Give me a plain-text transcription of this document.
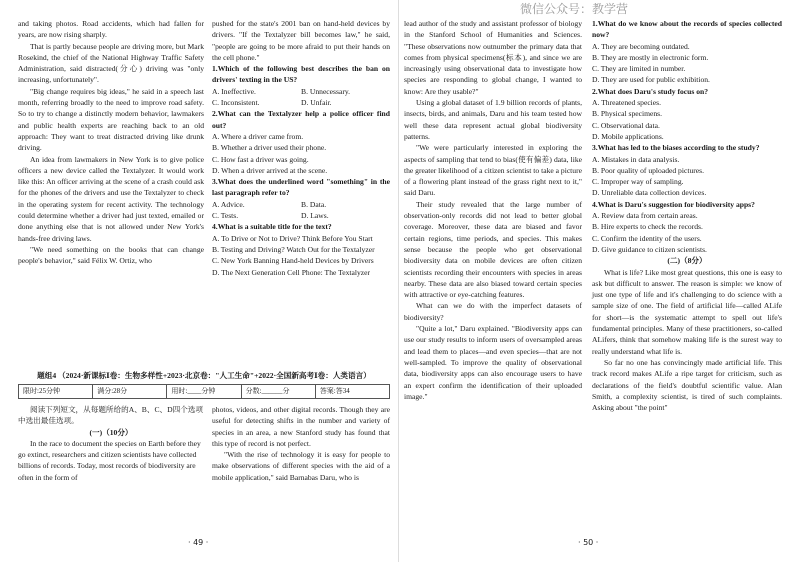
微信公众号：教学营

and taking photos. Road accidents, which had fallen for years, are now rising sharply.

That is partly because people are driving more, but Mark Rosekind, the chief of the National Highway Traffic Safety Administration, said distracted(分心) driving was "only increasing, unfortunately".

"Big change requires big ideas," he said in a speech last month, referring broadly to the need to improve road safety. So to try to change a distinctly modern behavior, lawmakers and public health experts are reaching back to an old approach: They want to treat distracted driving like drunk driving.

An idea from lawmakers in New York is to give police officers a new device called the Textalyzer. It would work like this: An officer arriving at the scene of a crash could ask for the phones of the drivers and use the Textalyzer to check in the operating system for recent activity. The technology could determine whether a driver had just texted, emailed or done anything else that is not allowed under New York's hands-free driving laws.

"We need something on the books that can change people's behavior," said Félix W. Ortiz, who

pushed for the state's 2001 ban on hand-held devices by drivers. "If the Textalyzer bill becomes law," he said, "people are going to be more afraid to put their hands on the cell phone."

1.Which of the following best describes the ban on drivers' texting in the US?

A. Ineffective.	B. Unnecessary.
C. Inconsistent.	D. Unfair.

2.What can the Textalyzer help a police officer find out?

A. Where a driver came from.

B. Whether a driver used their phone.

C. How fast a driver was going.

D. When a driver arrived at the scene.

3.What does the underlined word "something" in the last paragraph refer to?

A. Advice.	B. Data.
C. Tests.	D. Laws.

4.What is a suitable title for the text?

A. To Drive or Not to Drive? Think Before You Start

B. Testing and Driving? Watch Out for the Textalyzer

C. New York Banning Hand-held Devices by Drivers

D. The Next Generation Cell Phone: The Textalyzer

题组4 （2024·新课标Ⅰ卷：生物多样性+2023·北京卷："人工生命"+2022·全国新高考Ⅰ卷：人类语言）
限时:25分钟	满分:28分	用时:____分钟	分数:______分	答案:答34

阅读下列短文，从每题所给的A、B、C、D四个选项中选出最佳选项。

(一)（10分）

In the race to document the species on Earth before they go extinct, researchers and citizen scientists have collected billions of records. Today, most records of biodiversity are often in the form of

photos, videos, and other digital records. Though they are useful for detecting shifts in the number and variety of species in an area, a new Stanford study has found that this type of record is not perfect.

"With the rise of technology it is easy for people to make observations of different species with the aid of a mobile application," said Barnabas Daru, who is

lead author of the study and assistant professor of biology in the Stanford School of Humanities and Sciences. "These observations now outnumber the primary data that comes from physical specimens(标本), and since we are increasingly using observational data to investigate how species are responding to global change, I wanted to know: Are they usable?"

Using a global dataset of 1.9 billion records of plants, insects, birds, and animals, Daru and his team tested how well these data represent actual global biodiversity patterns.

"We were particularly interested in exploring the aspects of sampling that tend to bias(使有偏差) data, like the greater likelihood of a citizen scientist to take a picture of a flowering plant instead of the grass right next to it," said Daru.

Their study revealed that the large number of observation-only records did not lead to better global coverage. Moreover, these data are biased and favor certain regions, time periods, and species. This makes sense because the people who get observational biodiversity data on mobile devices are often citizen scientists recording their encounters with species in areas nearby. These data are also biased toward certain species with attractive or eye-catching features.

What can we do with the imperfect datasets of biodiversity?

"Quite a lot," Daru explained. "Biodiversity apps can use our study results to inform users of oversampled areas and lead them to places—and even species—that are not well-sampled. To improve the quality of observational data, biodiversity apps can also encourage users to have an expert confirm the identification of their uploaded image."

1.What do we know about the records of species collected now?

A. They are becoming outdated.

B. They are mostly in electronic form.

C. They are limited in number.

D. They are used for public exhibition.

2.What does Daru's study focus on?

A. Threatened species.

B. Physical specimens.

C. Observational data.

D. Mobile applications.

3.What has led to the biases according to the study?

A. Mistakes in data analysis.

B. Poor quality of uploaded pictures.

C. Improper way of sampling.

D. Unreliable data collection devices.

4.What is Daru's suggestion for biodiversity apps?

A. Review data from certain areas.

B. Hire experts to check the records.

C. Confirm the identity of the users.

D. Give guidance to citizen scientists.

(二)（8分）

What is life? Like most great questions, this one is easy to ask but difficult to answer. The reason is simple: we know of just one type of life and it's challenging to do science with a sample size of one. The field of artificial life—called ALife for short—is the systematic attempt to spell out life's fundamental principles. Many of these practitioners, so-called ALifers, think that somehow making life is the surest way to really understand what life is.

So far no one has convincingly made artificial life. This track record makes ALife a ripe target for criticism, such as declarations of the field's doubtful scientific value. Alan Smith, a complexity scientist, is tired of such complaints. Asking about "the point"

· 49 ·	· 50 ·
